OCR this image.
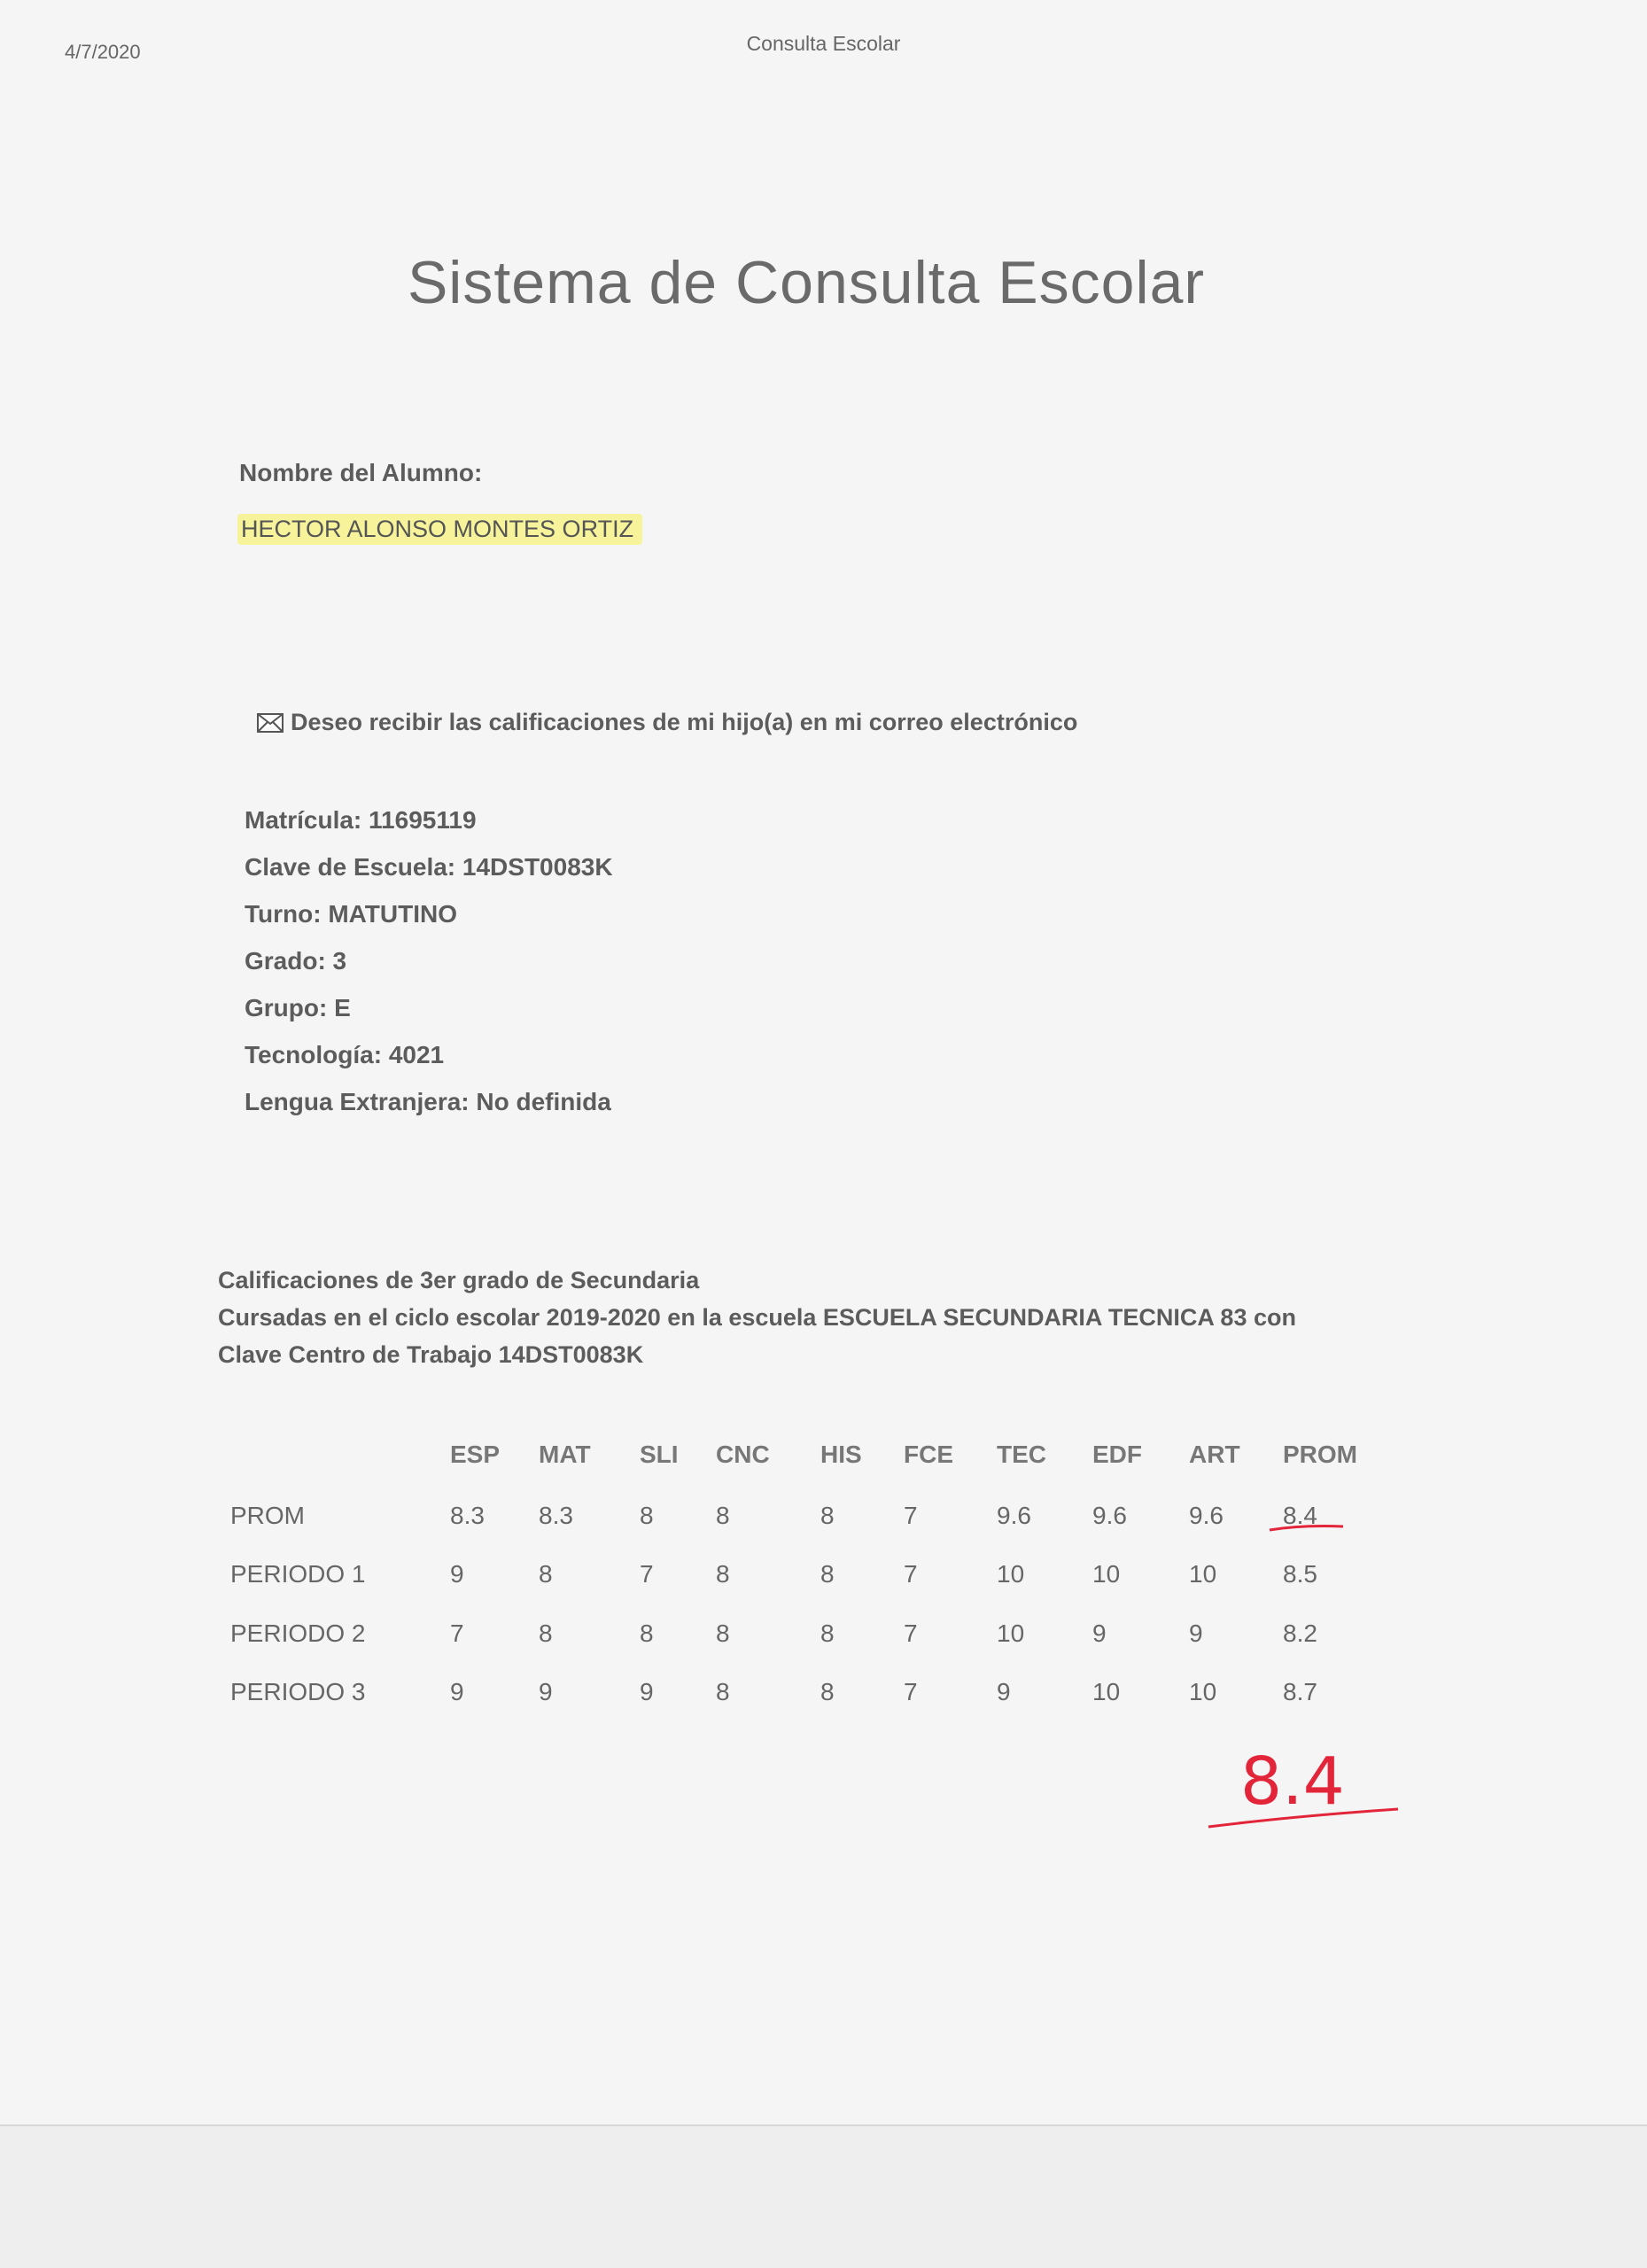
4/7/2020	Consulta Escolar
Sistema de Consulta Escolar
Nombre del Alumno:
HECTOR ALONSO MONTES ORTIZ
Deseo recibir las calificaciones de mi hijo(a) en mi correo electrónico
Matrícula: 11695119
Clave de Escuela: 14DST0083K
Turno: MATUTINO
Grado: 3
Grupo: E
Tecnología: 4021
Lengua Extranjera: No definida
Calificaciones de 3er grado de Secundaria
Cursadas en el ciclo escolar 2019-2020 en la escuela ESCUELA SECUNDARIA TECNICA 83 con
Clave Centro de Trabajo 14DST0083K
ESP MAT SLI CNC HIS FCE TEC EDF ART PROM
PROM	8.3 8.3	8	8	8	7	9.6 9.6	9.6 8.4
PERIODO 1	9	8	7	8	8	7	10	10	10	8.5
PERIODO 2	7	8	8	8	8	7	10	9	9	8.2
PERIODO 3	9	9	9	8	8	7	9	10	10	8.7
8.4
